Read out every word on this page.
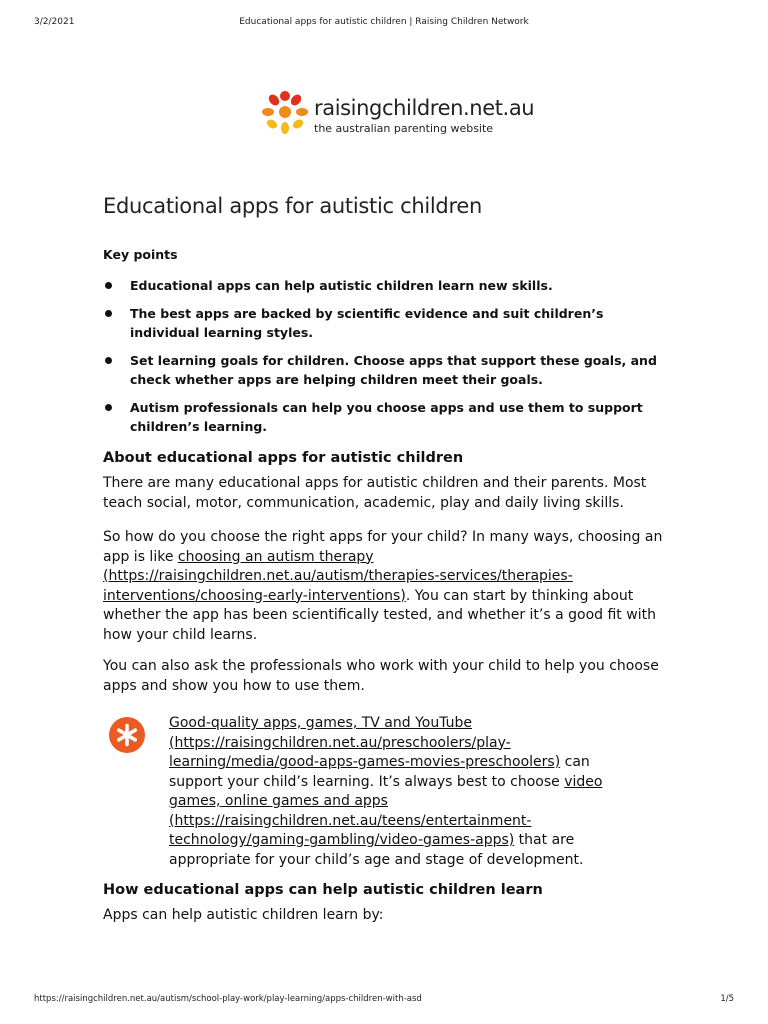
3/2/2021	Educational apps for autistic children | Raising Children Network
raisingchildren.net.au
the australian parenting website
Educational apps for autistic children
Key points
Educational apps can help autistic children learn new skills.
The best apps are backed by scientific evidence and suit children’s individual learning styles.
Set learning goals for children. Choose apps that support these goals, and check whether apps are helping children meet their goals.
Autism professionals can help you choose apps and use them to support children’s learning.
About educational apps for autistic children

There are many educational apps for autistic children and their parents. Most teach social, motor, communication, academic, play and daily living skills.

So how do you choose the right apps for your child? In many ways, choosing an app is like choosing an autism therapy (https://raisingchildren.net.au/autism/therapies-services/therapies-interventions/choosing-early-interventions). You can start by thinking about whether the app has been scientifically tested, and whether it’s a good fit with how your child learns.

You can also ask the professionals who work with your child to help you choose apps and show you how to use them.

Good-quality apps, games, TV and YouTube (https://raisingchildren.net.au/preschoolers/play-learning/media/good-apps-games-movies-preschoolers) can support your child’s learning. It’s always best to choose video games, online games and apps (https://raisingchildren.net.au/teens/entertainment-technology/gaming-gambling/video-games-apps) that are appropriate for your child’s age and stage of development.
How educational apps can help autistic children learn

Apps can help autistic children learn by:

https://raisingchildren.net.au/autism/school-play-work/play-learning/apps-children-with-asd	1/5
